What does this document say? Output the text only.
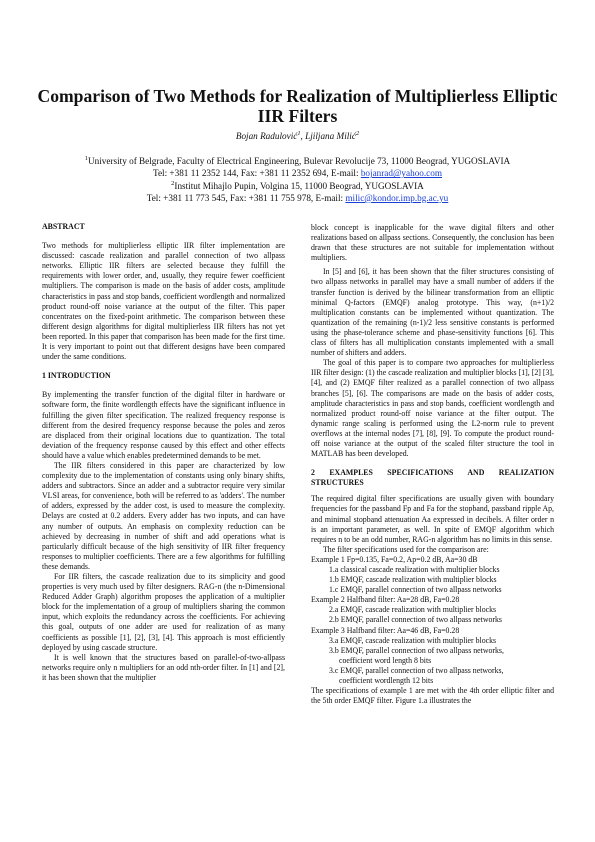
Comparison of Two Methods for Realization of Multiplierless Elliptic IIR Filters
Bojan Radulović$^1$, Ljiljana Milić$^2$
$^1$University of Belgrade, Faculty of Electrical Engineering, Bulevar Revolucije 73, 11000 Beograd, YUGOSLAVIA
Tel: +381 11 2352 144, Fax: +381 11 2352 694, E-mail: bojanrad@yahoo.com
$^2$Institut Mihajlo Pupin, Volgina 15, 11000 Beograd, YUGOSLAVIA
Tel: +381 11 773 545, Fax: +381 11 755 978, E-mail: milic@kondor.imp.bg.ac.yu

ABSTRACT

Two methods for multiplierless elliptic IIR filter implementation are discussed: cascade realization and parallel connection of two allpass networks. Elliptic IIR filters are selected because they fulfill the requirements with lower order, and, usually, they require fewer coefficient multipliers. The comparison is made on the basis of adder costs, amplitude characteristics in pass and stop bands, coefficient wordlength and normalized product round-off noise variance at the output of the filter. This paper concentrates on the fixed-point arithmetic. The comparison between these different design algorithms for digital multiplierless IIR filters has not yet been reported. In this paper that comparison has been made for the first time. It is very important to point out that different designs have been compared under the same conditions.

1 INTRODUCTION

By implementing the transfer function of the digital filter in hardware or software form, the finite wordlength effects have the significant influence in fulfilling the given filter specification. The realized frequency response is different from the desired frequency response because the poles and zeros are displaced from their original locations due to quantization. The total deviation of the frequency response caused by this effect and other effects should have a value which enables predetermined demands to be met.

The IIR filters considered in this paper are characterized by low complexity due to the implementation of constants using only binary shifts, adders and subtractors. Since an adder and a subtractor require very similar VLSI areas, for convenience, both will be referred to as 'adders'. The number of adders, expressed by the adder cost, is used to measure the complexity. Delays are costed at 0.2 adders. Every adder has two inputs, and can have any number of outputs. An emphasis on complexity reduction can be achieved by decreasing in number of shift and add operations what is particularly difficult because of the high sensitivity of IIR filter frequency responses to multiplier coefficients. There are a few algorithms for fulfilling these demands.

For IIR filters, the cascade realization due to its simplicity and good properties is very much used by filter designers. RAG-n (the n-Dimensional Reduced Adder Graph) algorithm proposes the application of a multiplier block for the implementation of a group of multipliers sharing the common input, which exploits the redundancy across the coefficients. For achieving this goal, outputs of one adder are used for realization of as many coefficients as possible [1], [2], [3], [4]. This approach is most efficiently deployed by using cascade structure.

It is well known that the structures based on parallel-of-two-allpass networks require only n multipliers for an odd nth-order filter. In [1] and [2], it has been shown that the multiplier

block concept is inapplicable for the wave digital filters and other realizations based on allpass sections. Consequently, the conclusion has been drawn that these structures are not suitable for implementation without multipliers.

In [5] and [6], it has been shown that the filter structures consisting of two allpass networks in parallel may have a small number of adders if the transfer function is derived by the bilinear transformation from an elliptic minimal Q-factors (EMQF) analog prototype. This way, (n+1)/2 multiplication constants can be implemented without quantization. The quantization of the remaining (n-1)/2 less sensitive constants is performed using the phase-tolerance scheme and phase-sensitivity functions [6]. This class of filters has all multiplication constants implemented with a small number of shifters and adders.

The goal of this paper is to compare two approaches for multiplierless IIR filter design: (1) the cascade realization and multiplier blocks [1], [2] [3], [4], and (2) EMQF filter realized as a parallel connection of two allpass branches [5], [6]. The comparisons are made on the basis of adder costs, amplitude characteristics in pass and stop bands, coefficient wordlength and normalized product round-off noise variance at the filter output. The dynamic range scaling is performed using the L2-norm rule to prevent overflows at the internal nodes [7], [8], [9]. To compute the product round-off noise variance at the output of the scaled filter structure the tool in MATLAB has been developed.

2 EXAMPLES SPECIFICATIONS AND REALIZATION STRUCTURES

The required digital filter specifications are usually given with boundary frequencies for the passband Fp and Fa for the stopband, passband ripple Ap, and minimal stopband attenuation Aa expressed in decibels. A filter order n is an important parameter, as well. In spite of EMQF algorithm which requires n to be an odd number, RAG-n algorithm has no limits in this sense.

The filter specifications used for the comparison are:

Example 1 Fp=0.135, Fa=0.2, Ap=0.2 dB, Aa=30 dB

1.a classical cascade realization with multiplier blocks

1.b EMQF, cascade realization with multiplier blocks

1.c EMQF, parallel connection of two allpass networks

Example 2 Halfband filter: Aa=28 dB, Fa=0.28

2.a EMQF, cascade realization with multiplier blocks

2.b EMQF, parallel connection of two allpass networks

Example 3 Halfband filter: Aa=46 dB, Fa=0.28

3.a EMQF, cascade realization with multiplier blocks

3.b EMQF, parallel connection of two allpass networks,

coefficient word length 8 bits

3.c EMQF, parallel connection of two allpass networks,

coefficient wordlength 12 bits

The specifications of example 1 are met with the 4th order elliptic filter and the 5th order EMQF filter. Figure 1.a illustrates the
